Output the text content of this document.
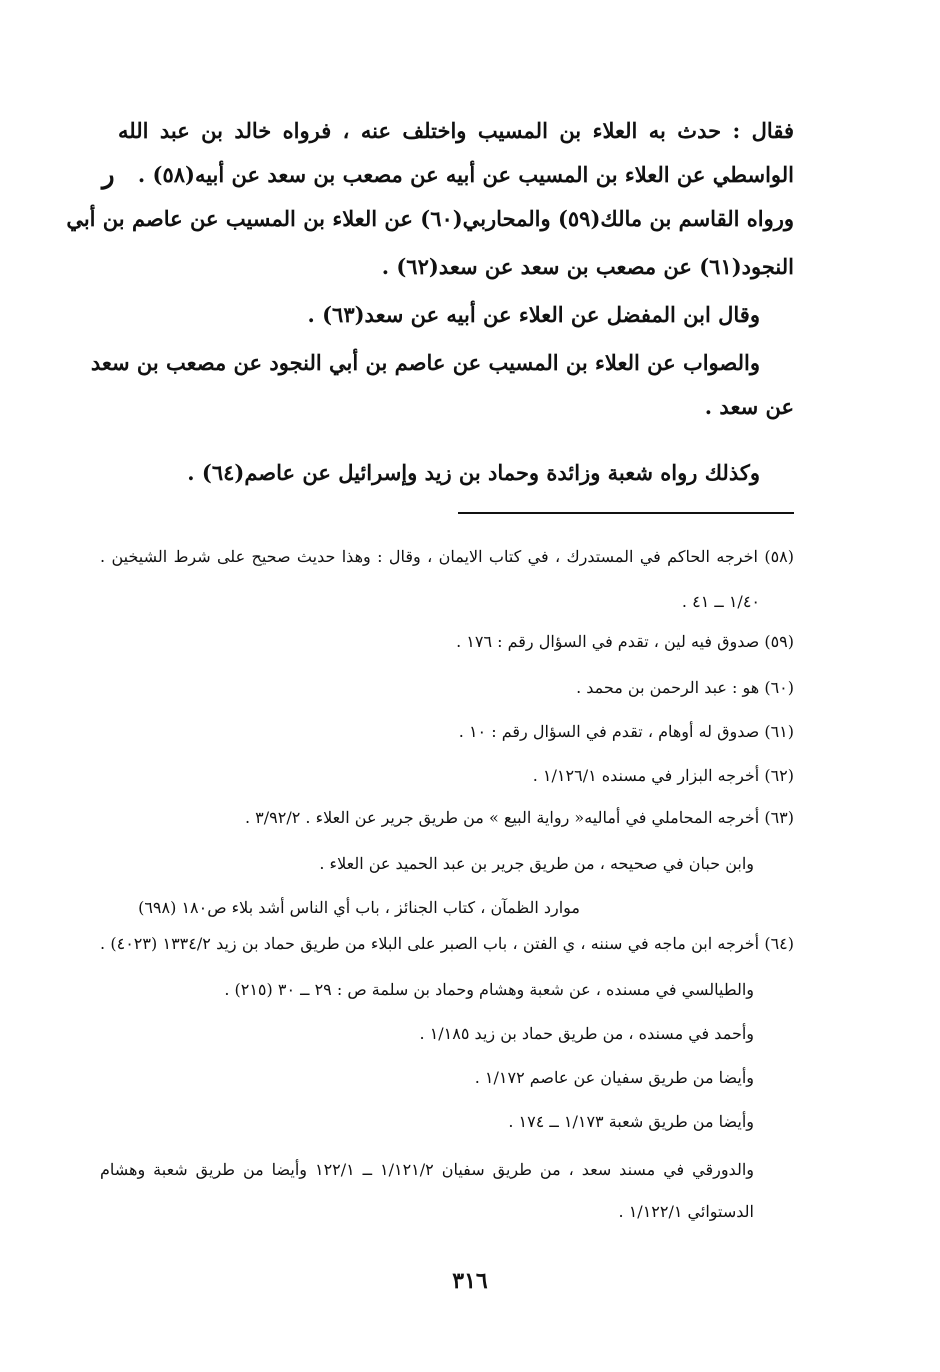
فقال : حدث به العلاء بن المسيب واختلف عنه ، فرواه خالد بن عبد الله
الواسطي عن العلاء بن المسيب عن أبيه عن مصعب بن سعد عن أبيه(٥٨) .
ر
ورواه القاسم بن مالك(٥٩) والمحاربي(٦٠) عن العلاء بن المسيب عن عاصم بن أبي
النجود(٦١) عن مصعب بن سعد عن سعد(٦٢) .
وقال ابن المفضل عن العلاء عن أبيه عن سعد(٦٣) .
والصواب عن العلاء بن المسيب عن عاصم بن أبي النجود عن مصعب بن سعد
عن سعد .
وكذلك رواه شعبة وزائدة وحماد بن زيد وإسرائيل عن عاصم(٦٤) .
(٥٨) اخرجه الحاكم في المستدرك ، في كتاب الايمان ، وقال : وهذا حديث صحيح على شرط الشيخين .
١/٤٠ ــ ٤١ .
(٥٩) صدوق فيه لين ، تقدم في السؤال رقم : ١٧٦ .
(٦٠) هو : عبد الرحمن بن محمد .
(٦١) صدوق له أوهام ، تقدم في السؤال رقم : ١٠ .
(٦٢) أخرجه البزار في مسنده ١/١٢٦/١ .
(٦٣) أخرجه المحاملي في أماليه« رواية البيع » من طريق جرير عن العلاء . ٣/٩٢/٢ .
وابن حبان في صحيحه ، من طريق جرير بن عبد الحميد عن العلاء .
موارد الظمآن ، كتاب الجنائز ، باب أي الناس أشد بلاء ص١٨٠ (٦٩٨)
(٦٤) أخرجه ابن ماجه في سننه ، ي الفتن ، باب الصبر على البلاء من طريق حماد بن زيد ١٣٣٤/٢ (٤٠٢٣) .
والطيالسي في مسنده ، عن شعبة وهشام وحماد بن سلمة ص : ٢٩ ــ ٣٠ (٢١٥) .
وأحمد في مسنده ، من طريق حماد بن زيد ١/١٨٥ .
وأيضا من طريق سفيان عن عاصم ١/١٧٢ .
وأيضا من طريق شعبة ١/١٧٣ ــ ١٧٤ .
والدورقي في مسند سعد ، من طريق سفيان ١/١٢١/٢ ــ ١٢٢/١ وأيضا من طريق شعبة وهشام
الدستوائي ١/١٢٢/١ .
٣١٦
